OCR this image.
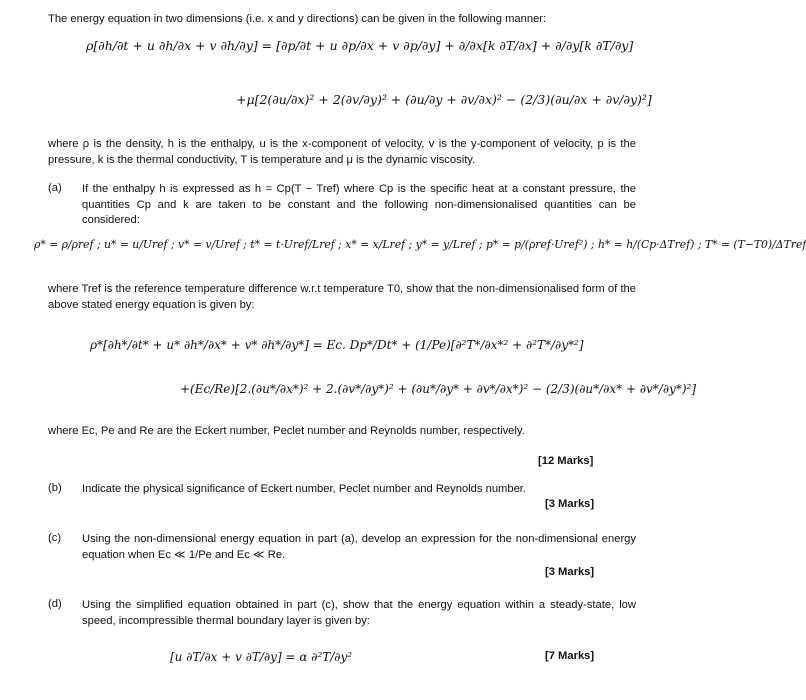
The energy equation in two dimensions (i.e. x and y directions) can be given in the following manner:
ρ[∂h/∂t + u ∂h/∂x + v ∂h/∂y] = [∂p/∂t + u ∂p/∂x + v ∂p/∂y] + ∂/∂x[k ∂T/∂x] + ∂/∂y[k ∂T/∂y]
+μ[2(∂u/∂x)² + 2(∂v/∂y)² + (∂u/∂y + ∂v/∂x)² − (2/3)(∂u/∂x + ∂v/∂y)²]
where ρ is the density, h is the enthalpy, u is the x-component of velocity, v is the y-component of velocity, p is the pressure, k is the thermal conductivity, T is temperature and μ is the dynamic viscosity.
(a) If the enthalpy h is expressed as h = Cp(T − Tref) where Cp is the specific heat at a constant pressure, the quantities Cp and k are taken to be constant and the following non-dimensionalised quantities can be considered:
ρ* = ρ/ρref ; u* = u/Uref ; v* = v/Uref ; t* = t·Uref/Lref ; x* = x/Lref ; y* = y/Lref ; p* = p/(ρref·Uref²) ; h* = h/(Cp·ΔTref) ; T* = (T−T0)/ΔTref
where Tref is the reference temperature difference w.r.t temperature T0, show that the non-dimensionalised form of the above stated energy equation is given by:
ρ*[∂h*/∂t* + u* ∂h*/∂x* + v* ∂h*/∂y*] = Ec. Dp*/Dt* + (1/Pe)[∂²T*/∂x*² + ∂²T*/∂y*²]
+(Ec/Re)[2.(∂u*/∂x*)² + 2.(∂v*/∂y*)² + (∂u*/∂y* + ∂v*/∂x*)² − (2/3)(∂u*/∂x* + ∂v*/∂y*)²]
where Ec, Pe and Re are the Eckert number, Peclet number and Reynolds number, respectively.
[12 Marks]
(b) Indicate the physical significance of Eckert number, Peclet number and Reynolds number.
[3 Marks]
(c) Using the non-dimensional energy equation in part (a), develop an expression for the non-dimensional energy equation when Ec ≪ 1/Pe and Ec ≪ Re.
[3 Marks]
(d) Using the simplified equation obtained in part (c), show that the energy equation within a steady-state, low speed, incompressible thermal boundary layer is given by:
[u ∂T/∂x + v ∂T/∂y] = α ∂²T/∂y²	[7 Marks]
